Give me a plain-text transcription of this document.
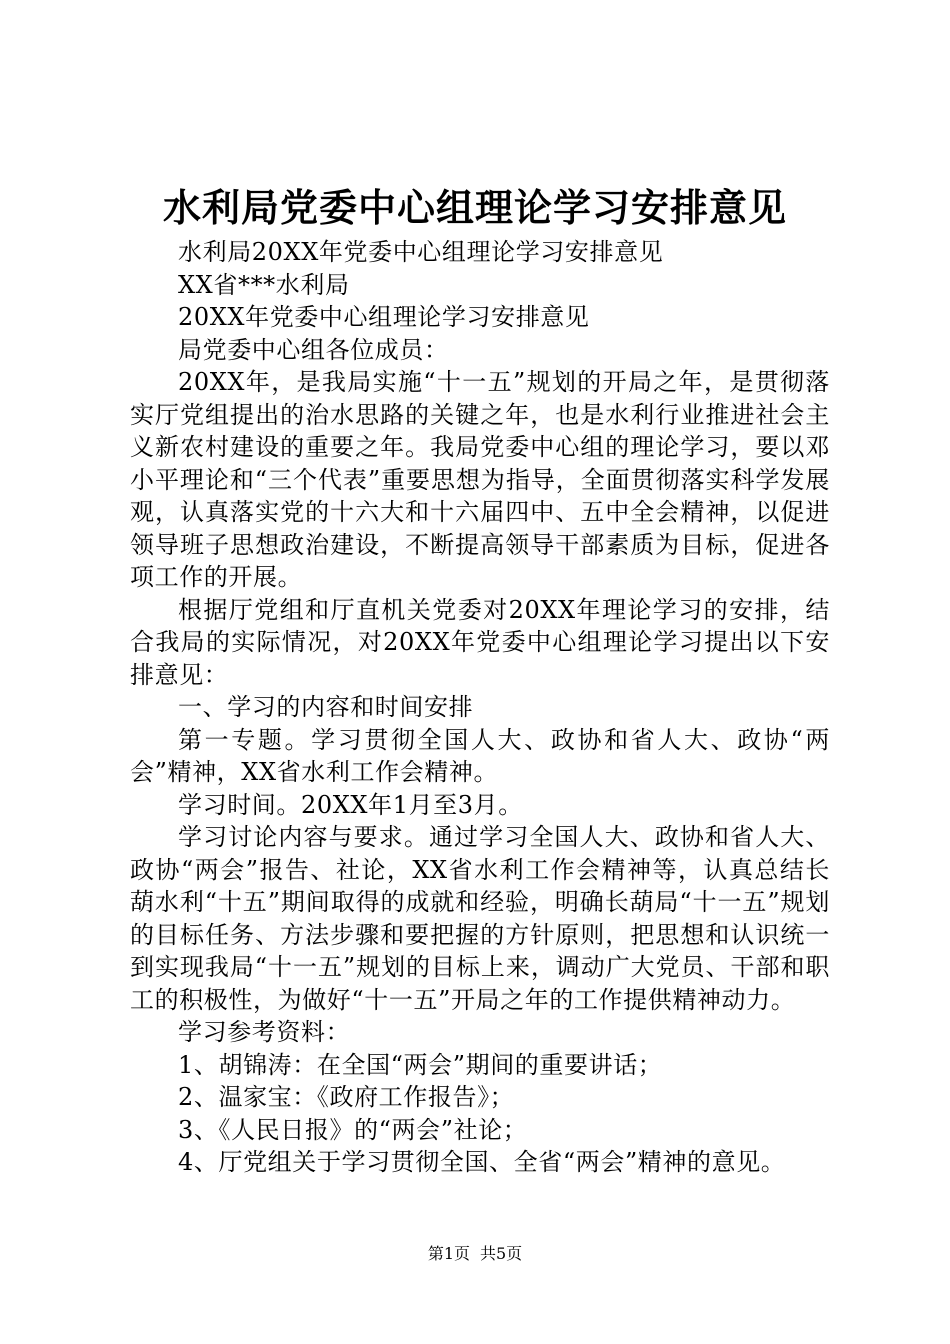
水利局党委中心组理论学习安排意见

水利局20XX年党委中心组理论学习安排意见

XX省***水利局

20XX年党委中心组理论学习安排意见

局党委中心组各位成员：

20XX年，是我局实施“十一五”规划的开局之年，是贯彻落实厅党组提出的治水思路的关键之年，也是水利行业推进社会主义新农村建设的重要之年。我局党委中心组的理论学习，要以邓小平理论和“三个代表”重要思想为指导，全面贯彻落实科学发展观，认真落实党的十六大和十六届四中、五中全会精神，以促进领导班子思想政治建设，不断提高领导干部素质为目标，促进各项工作的开展。

根据厅党组和厅直机关党委对20XX年理论学习的安排，结合我局的实际情况，对20XX年党委中心组理论学习提出以下安排意见：

一、学习的内容和时间安排

第一专题。学习贯彻全国人大、政协和省人大、政协“两会”精神，XX省水利工作会精神。

学习时间。20XX年1月至3月。

学习讨论内容与要求。通过学习全国人大、政协和省人大、政协“两会”报告、社论，XX省水利工作会精神等，认真总结长葫水利“十五”期间取得的成就和经验，明确长葫局“十一五”规划的目标任务、方法步骤和要把握的方针原则，把思想和认识统一到实现我局“十一五”规划的目标上来，调动广大党员、干部和职工的积极性，为做好“十一五”开局之年的工作提供精神动力。

学习参考资料：

1、胡锦涛：在全国“两会”期间的重要讲话；

2、温家宝：《政府工作报告》；

3、《人民日报》的“两会”社论；

4、厅党组关于学习贯彻全国、全省“两会”精神的意见。

第1页 共5页
